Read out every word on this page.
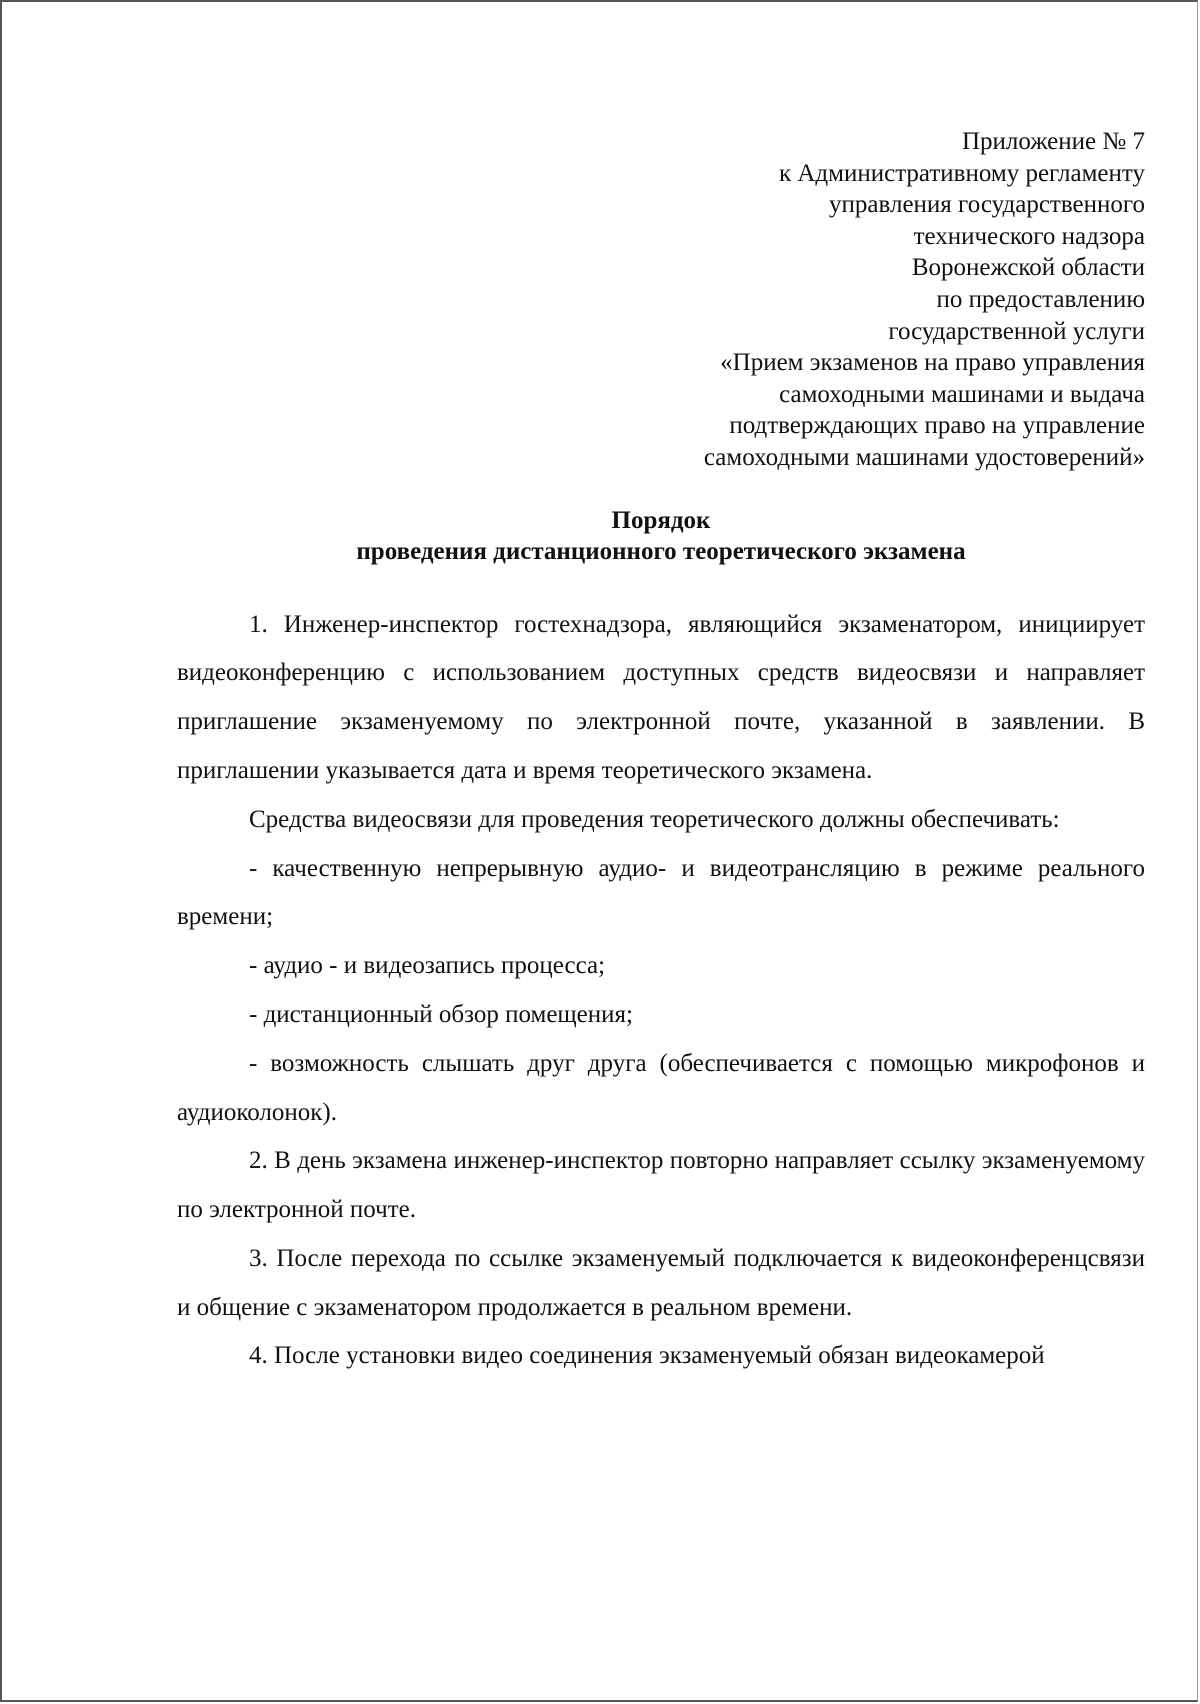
Приложение № 7
к Административному регламенту
управления государственного
технического надзора
Воронежской области
по предоставлению
государственной услуги
«Прием экзаменов на право управления
самоходными машинами и выдача
подтверждающих право на управление
самоходными машинами удостоверений»
Порядок
проведения дистанционного теоретического экзамена

1. Инженер-инспектор гостехнадзора, являющийся экзаменатором, инициирует видеоконференцию с использованием доступных средств видеосвязи и направляет приглашение экзаменуемому по электронной почте, указанной в заявлении. В приглашении указывается дата и время теоретического экзамена.

Средства видеосвязи для проведения теоретического должны обеспечивать:

- качественную непрерывную аудио- и видеотрансляцию в режиме реального времени;

- аудио - и видеозапись процесса;

- дистанционный обзор помещения;

- возможность слышать друг друга (обеспечивается с помощью микрофонов и аудиоколонок).

2. В день экзамена инженер-инспектор повторно направляет ссылку экзаменуемому по электронной почте.

3. После перехода по ссылке экзаменуемый подключается к видеоконференцсвязи и общение с экзаменатором продолжается в реальном времени.

4. После установки видео соединения экзаменуемый обязан видеокамерой
